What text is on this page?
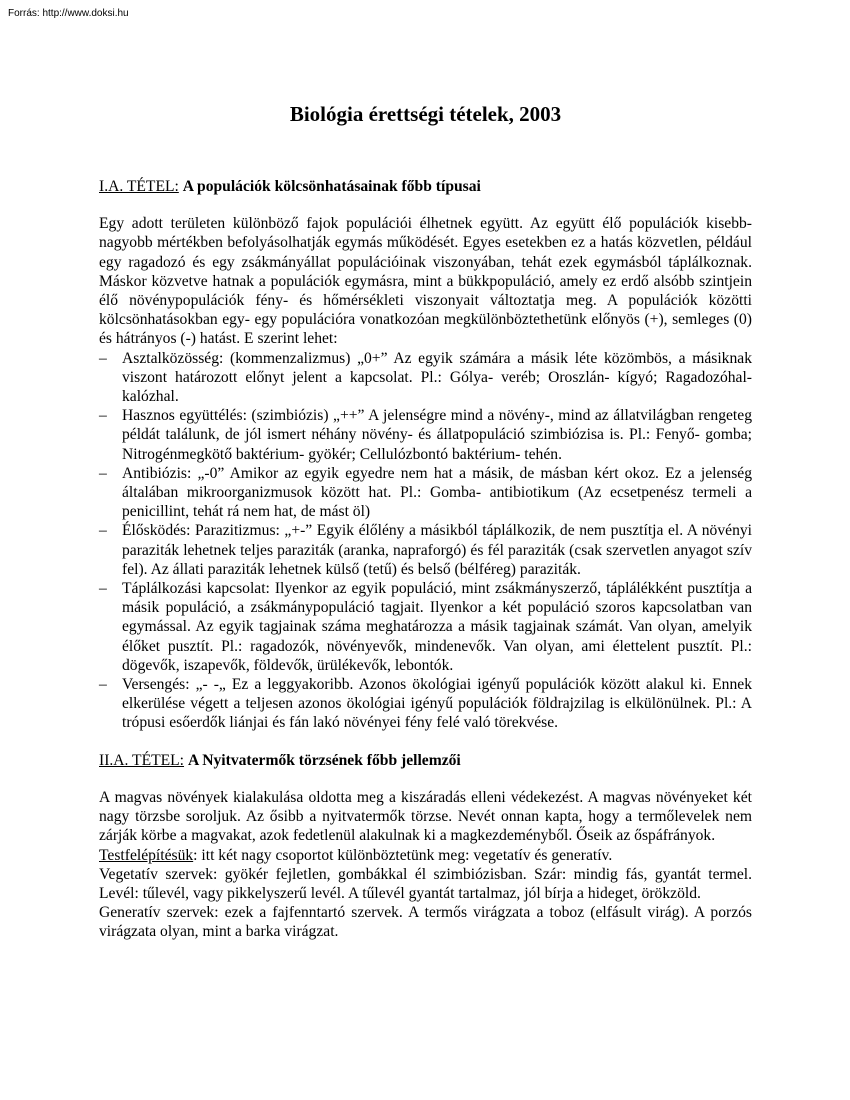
Forrás: http://www.doksi.hu
Biológia érettségi tételek, 2003
I.A. TÉTEL: A populációk kölcsönhatásainak főbb típusai

Egy adott területen különböző fajok populációi élhetnek együtt. Az együtt élő populációk kisebb-nagyobb mértékben befolyásolhatják egymás működését. Egyes esetekben ez a hatás közvetlen, például egy ragadozó és egy zsákmányállat populációinak viszonyában, tehát ezek egymásból táplálkoznak. Máskor közvetve hatnak a populációk egymásra, mint a bükkpopuláció, amely ez erdő alsóbb szintjein élő növénypopulációk fény- és hőmérsékleti viszonyait változtatja meg. A populációk közötti kölcsönhatásokban egy- egy populációra vonatkozóan megkülönböztethetünk előnyös (+), semleges (0) és hátrányos (-) hatást. E szerint lehet:

– Asztalközösség: (kommenzalizmus) „0+” Az egyik számára a másik léte közömbös, a másiknak viszont határozott előnyt jelent a kapcsolat. Pl.: Gólya- veréb; Oroszlán- kígyó; Ragadozóhal- kalózhal.
– Hasznos együttélés: (szimbiózis) „++” A jelenségre mind a növény-, mind az állatvilágban rengeteg példát találunk, de jól ismert néhány növény- és állatpopuláció szimbiózisa is. Pl.: Fenyő- gomba; Nitrogénmegkötő baktérium- gyökér; Cellulózbontó baktérium- tehén.
– Antibiózis: „-0” Amikor az egyik egyedre nem hat a másik, de másban kért okoz. Ez a jelenség általában mikroorganizmusok között hat. Pl.: Gomba- antibiotikum (Az ecsetpenész termeli a penicillint, tehát rá nem hat, de mást öl)
– Élősködés: Parazitizmus: „+-” Egyik élőlény a másikból táplálkozik, de nem pusztítja el. A növényi paraziták lehetnek teljes paraziták (aranka, napraforgó) és fél paraziták (csak szervetlen anyagot szív fel). Az állati paraziták lehetnek külső (tetű) és belső (bélféreg) paraziták.
– Táplálkozási kapcsolat: Ilyenkor az egyik populáció, mint zsákmányszerző, táplálékként pusztítja a másik populáció, a zsákmánypopuláció tagjait. Ilyenkor a két populáció szoros kapcsolatban van egymással. Az egyik tagjainak száma meghatározza a másik tagjainak számát. Van olyan, amelyik élőket pusztít. Pl.: ragadozók, növényevők, mindenevők. Van olyan, ami élettelent pusztít. Pl.: dögevők, iszapevők, földevők, ürülékevők, lebontók.
– Versengés: „- -„ Ez a leggyakoribb. Azonos ökológiai igényű populációk között alakul ki. Ennek elkerülése végett a teljesen azonos ökológiai igényű populációk földrajzilag is elkülönülnek. Pl.: A trópusi esőerdők liánjai és fán lakó növényei fény felé való törekvése.
II.A. TÉTEL: A Nyitvatermők törzsének főbb jellemzői

A magvas növények kialakulása oldotta meg a kiszáradás elleni védekezést. A magvas növényeket két nagy törzsbe soroljuk. Az ősibb a nyitvatermők törzse. Nevét onnan kapta, hogy a termőlevelek nem zárják körbe a magvakat, azok fedetlenül alakulnak ki a magkezdeményből. Őseik az őspáfrányok.

Testfelépítésük: itt két nagy csoportot különböztetünk meg: vegetatív és generatív.

Vegetatív szervek: gyökér fejletlen, gombákkal él szimbiózisban. Szár: mindig fás, gyantát termel. Levél: tűlevél, vagy pikkelyszerű levél. A tűlevél gyantát tartalmaz, jól bírja a hideget, örökzöld.

Generatív szervek: ezek a fajfenntartó szervek. A termős virágzata a toboz (elfásult virág). A porzós virágzata olyan, mint a barka virágzat.
